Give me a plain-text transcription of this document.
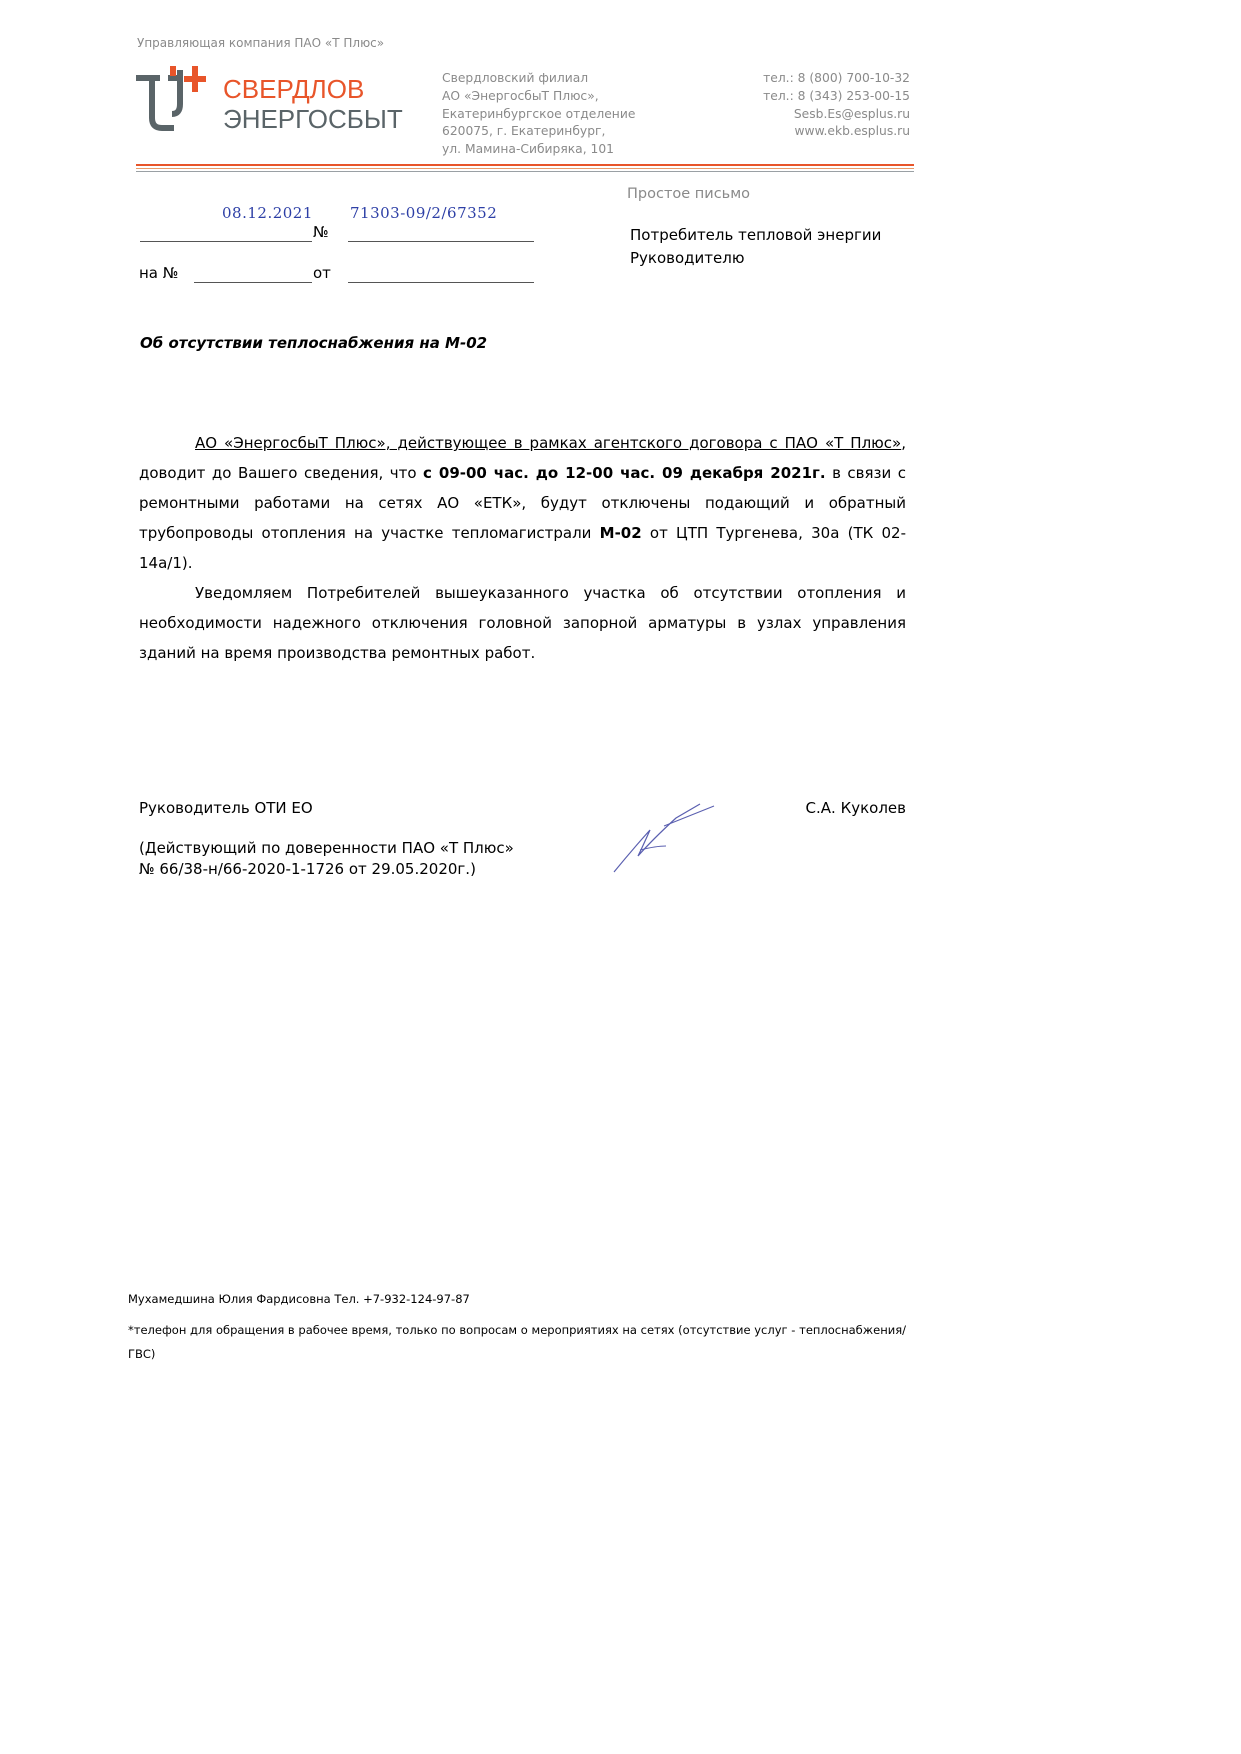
Управляющая компания ПАО «Т Плюс»
СВЕРДЛОВ
ЭНЕРГОСБЫТ
Свердловский филиал
АО «ЭнергосбыТ Плюс»,
Екатеринбургское отделение
620075, г. Екатеринбург,
ул. Мамина-Сибиряка, 101
тел.: 8 (800) 700-10-32
тел.: 8 (343) 253-00-15
Sesb.Es@esplus.ru
www.ekb.esplus.ru
Простое письмо
08.12.2021
№
71303-09/2/67352
на №	от
Потребитель тепловой энергии
Руководителю
Об отсутствии теплоснабжения на М-02

АО «ЭнергосбыТ Плюс», действующее в рамках агентского договора с ПАО «Т Плюс», доводит до Вашего сведения, что с 09-00 час. до 12-00 час. 09 декабря 2021г. в связи с ремонтными работами на сетях АО «ЕТК», будут отключены подающий и обратный трубопроводы отопления на участке тепломагистрали М-02 от ЦТП Тургенева, 30а (ТК 02-14а/1).

Уведомляем Потребителей вышеуказанного участка об отсутствии отопления и необходимости надежного отключения головной запорной арматуры в узлах управления зданий на время производства ремонтных работ.

Руководитель ОТИ ЕО	С.А. Куколев
(Действующий по доверенности ПАО «Т Плюс»
№ 66/38-н/66-2020-1-1726 от 29.05.2020г.)
Мухамедшина Юлия Фардисовна Тел. +7-932-124-97-87
*телефон для обращения в рабочее время, только по вопросам о мероприятиях на сетях (отсутствие услуг - теплоснабжения/ГВС)
